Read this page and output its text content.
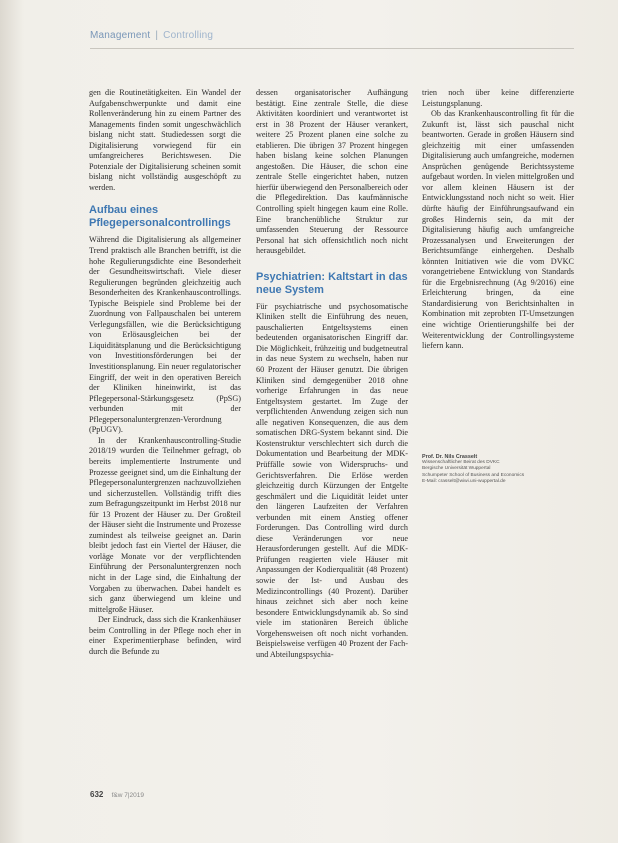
Management | Controlling

gen die Routinetätigkeiten. Ein Wandel der Aufgabenschwerpunkte und damit eine Rollenveränderung hin zu einem Partner des Managements finden somit ungeschwächlich bislang nicht statt. Studiedessen sorgt die Digitalisierung vorwiegend für ein umfangreicheres Berichtswesen. Die Potenziale der Digitalisierung scheinen somit bislang nicht vollständig ausgeschöpft zu werden.

Aufbau eines Pflegepersonalcontrollings

Während die Digitalisierung als allgemeiner Trend praktisch alle Branchen betrifft, ist die hohe Regulierungsdichte eine Besonderheit der Gesundheitswirtschaft. Viele dieser Regulierungen begründen gleichzeitig auch Besonderheiten des Krankenhauscontrollings. Typische Beispiele sind Probleme bei der Zuordnung von Fallpauschalen bei unterem Verlegungsfällen, wie die Berücksichtigung von Erlösausgleichen bei der Liquiditätsplanung und die Berücksichtigung von Investitionsförderungen bei der Investitionsplanung. Ein neuer regulatorischer Eingriff, der weit in den operativen Bereich der Kliniken hineinwirkt, ist das Pflegepersonal-Stärkungsgesetz (PpSG) verbunden mit der Pflegepersonaluntergrenzen-Verordnung (PpUGV).

In der Krankenhauscontrolling-Studie 2018/19 wurden die Teilnehmer gefragt, ob bereits implementierte Instrumente und Prozesse geeignet sind, um die Einhaltung der Pflegepersonaluntergrenzen nachzuvollziehen und sicherzustellen. Vollständig trifft dies zum Befragungszeitpunkt im Herbst 2018 nur für 13 Prozent der Häuser zu. Der Großteil der Häuser sieht die Instrumente und Prozesse zumindest als teilweise geeignet an. Darin bleibt jedoch fast ein Viertel der Häuser, die vorläge Monate vor der verpflichtenden Einführung der Personaluntergrenzen noch nicht in der Lage sind, die Einhaltung der Vorgaben zu überwachen. Dabei handelt es sich ganz überwiegend um kleine und mittelgroße Häuser.

Der Eindruck, dass sich die Krankenhäuser beim Controlling in der Pflege noch eher in einer Experimentierphase befinden, wird durch die Befunde zu

dessen organisatorischer Aufhängung bestätigt. Eine zentrale Stelle, die diese Aktivitäten koordiniert und verantwortet ist erst in 38 Prozent der Häuser verankert, weitere 25 Prozent planen eine solche zu etablieren. Die übrigen 37 Prozent hingegen haben bislang keine solchen Planungen angestoßen. Die Häuser, die schon eine zentrale Stelle eingerichtet haben, nutzen hierfür überwiegend den Personalbereich oder die Pflegedirektion. Das kaufmännische Controlling spielt hingegen kaum eine Rolle. Eine branchenübliche Struktur zur umfassenden Steuerung der Ressource Personal hat sich offensichtlich noch nicht herausgebildet.

Psychiatrien: Kaltstart in das neue System

Für psychiatrische und psychosomatische Kliniken stellt die Einführung des neuen, pauschalierten Entgeltsystems einen bedeutenden organisatorischen Eingriff dar. Die Möglichkeit, frühzeitig und budgetneutral in das neue System zu wechseln, haben nur 60 Prozent der Häuser genutzt. Die übrigen Kliniken sind demgegenüber 2018 ohne vorherige Erfahrungen in das neue Entgeltsystem gestartet. Im Zuge der verpflichtenden Anwendung zeigen sich nun alle negativen Konsequenzen, die aus dem somatischen DRG-System bekannt sind. Die Kostenstruktur verschlechtert sich durch die Dokumentation und Bearbeitung der MDK-Prüffälle sowie von Widerspruchs- und Gerichtsverfahren. Die Erlöse werden gleichzeitig durch Kürzungen der Entgelte geschmälert und die Liquidität leidet unter den längeren Laufzeiten der Verfahren verbunden mit einem Anstieg offener Forderungen. Das Controlling wird durch diese Veränderungen vor neue Herausforderungen gestellt. Auf die MDK-Prüfungen reagierten viele Häuser mit Anpassungen der Kodierqualität (48 Prozent) sowie der Ist- und Ausbau des Medizincontrollings (40 Prozent). Darüber hinaus zeichnet sich aber noch keine besondere Entwicklungsdynamik ab. So sind viele im stationären Bereich übliche Vorgehensweisen oft noch nicht vorhanden. Beispielsweise verfügen 40 Prozent der Fach- und Abteilungspsychia-

trien noch über keine differenzierte Leistungsplanung.

Ob das Krankenhauscontrolling fit für die Zukunft ist, lässt sich pauschal nicht beantworten. Gerade in großen Häusern sind gleichzeitig mit einer umfassenden Digitalisierung auch umfangreiche, modernen Ansprüchen genügende Berichtssysteme aufgebaut worden. In vielen mittelgroßen und vor allem kleinen Häusern ist der Entwicklungsstand noch nicht so weit. Hier dürfte häufig der Einführungsaufwand ein großes Hindernis sein, da mit der Digitalisierung häufig auch umfangreiche Prozessanalysen und Erweiterungen der Berichtsumfänge einhergehen. Deshalb könnten Initiativen wie die vom DVKC vorangetriebene Entwicklung von Standards für die Ergebnisrechnung (Ag 9/2016) eine Erleichterung bringen, da eine Standardisierung von Berichtsinhalten in Kombination mit zeprobten IT-Umsetzungen eine wichtige Orientierungshilfe bei der Weiterentwicklung der Controllingsysteme liefern kann.

Prof. Dr. Nils Crasselt
Wissenschaftlicher Beirat des DVKC
Bergische Universität Wuppertal
Schumpeter School of Business and Economics
E-Mail: crasselt@wiwi.uni-wuppertal.de
632 f&w 7|2019
